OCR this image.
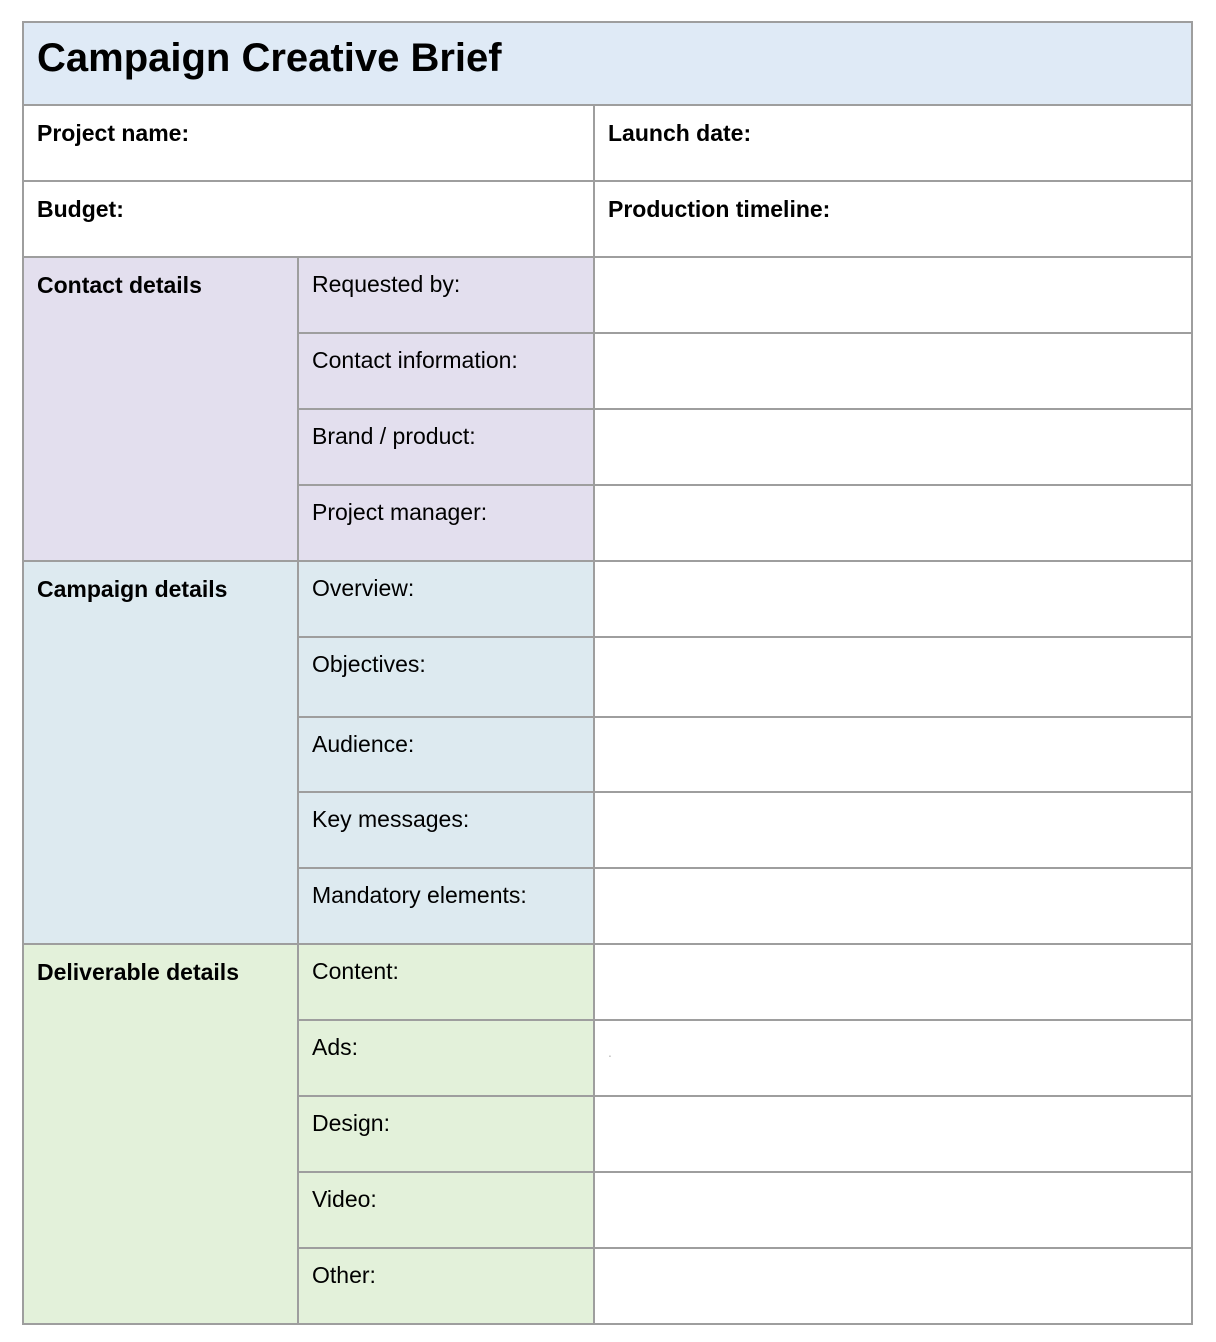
Campaign Creative Brief		

Project name:		Launch date:

Budget:		Production timeline:

Contact details	Requested by:	

	Contact information:	

	Brand / product:	

	Project manager:	

Campaign details	Overview:	

	Objectives:	

	Audience:	

	Key messages:	

	Mandatory elements:	

Deliverable details	Content:	

	Ads:	.

	Design:	

	Video:	

	Other:	
